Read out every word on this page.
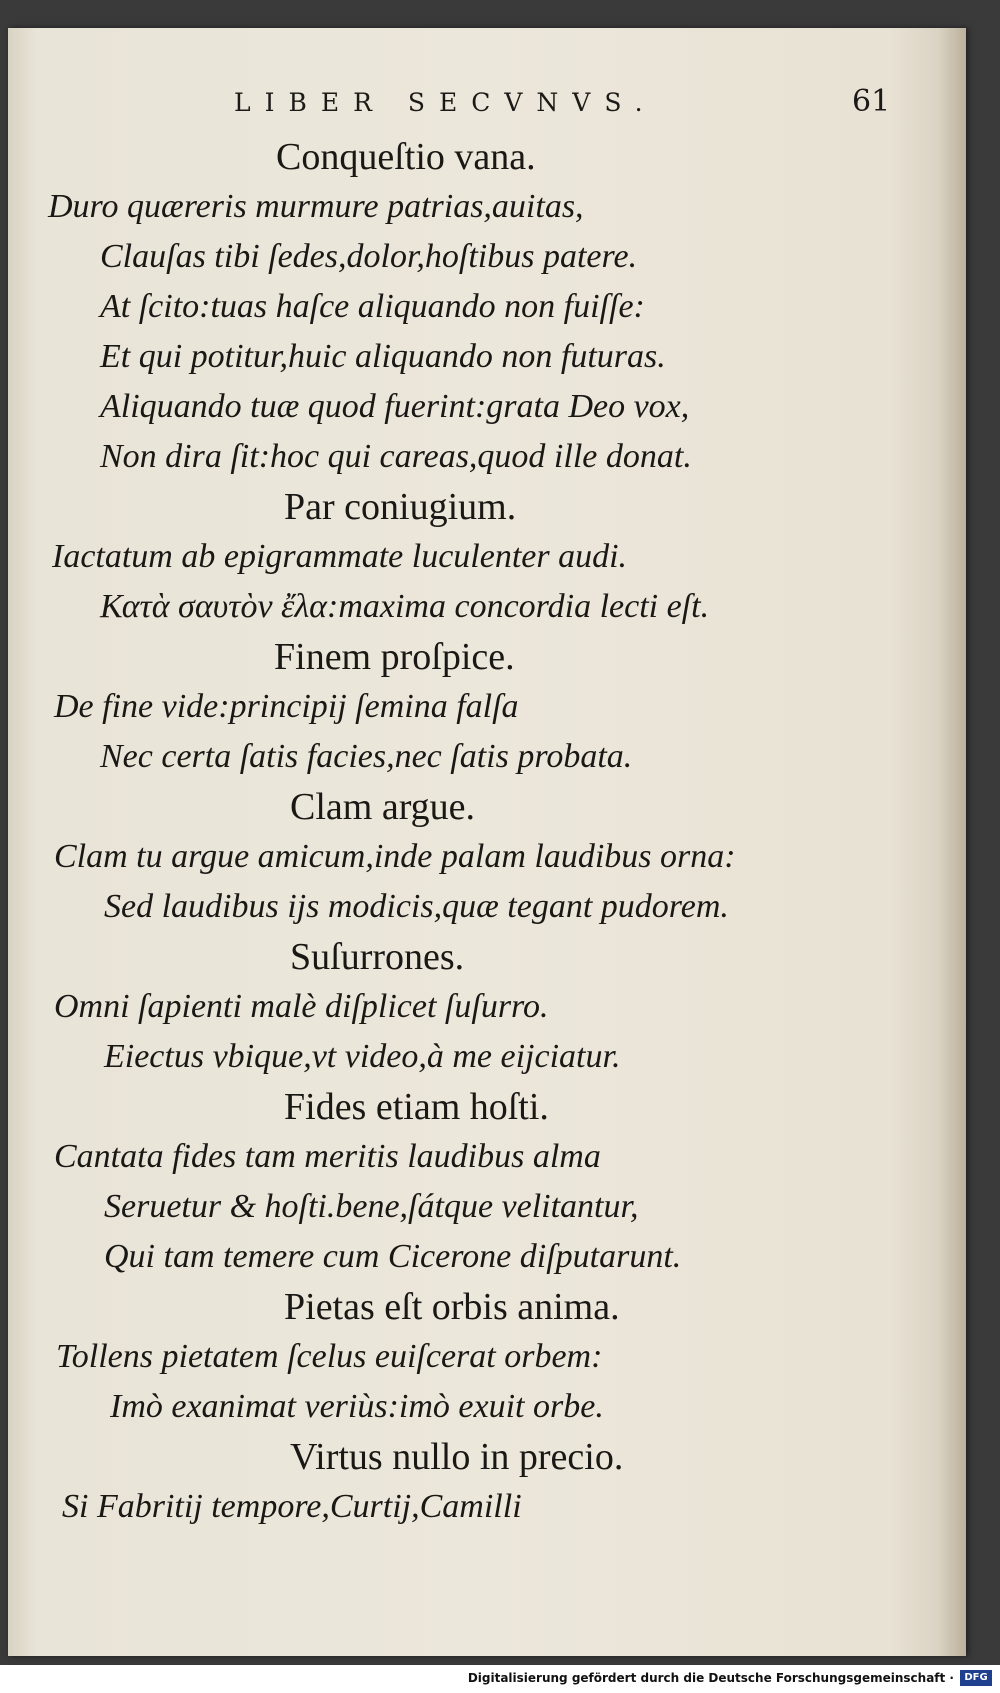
LIBER SECVNVS.	61
Conqueſtio vana.
Duro quæreris murmure patrias,auitas,
Clauſas tibi ſedes,dolor,hoſtibus patere.
At ſcito:tuas haſce aliquando non fuiſſe:
Et qui potitur,huic aliquando non futuras.
Aliquando tuæ quod fuerint:grata Deo vox,
Non dira ſit:hoc qui careas,quod ille donat.
Par coniugium.
Iactatum ab epigrammate luculenter audi.
Κατὰ σαυτὸν ἔλα:maxima concordia lecti eſt.
Finem proſpice.
De fine vide:principij ſemina falſa
Nec certa ſatis facies,nec ſatis probata.
Clam argue.
Clam tu argue amicum,inde palam laudibus orna:
Sed laudibus ijs modicis,quæ tegant pudorem.
Suſurrones.
Omni ſapienti malè diſplicet ſuſurro.
Eiectus vbique,vt video,à me eijciatur.
Fides etiam hoſti.
Cantata fides tam meritis laudibus alma
Seruetur & hoſti.bene,ſátque velitantur,
Qui tam temere cum Cicerone diſputarunt.
Pietas eſt orbis anima.
Tollens pietatem ſcelus euiſcerat orbem:
Imò exanimat veriùs:imò exuit orbe.
Virtus nullo in precio.
Si Fabritij tempore,Curtij,Camilli
Digitalisierung gefördert durch die Deutsche Forschungsgemeinschaft ·	DFG
